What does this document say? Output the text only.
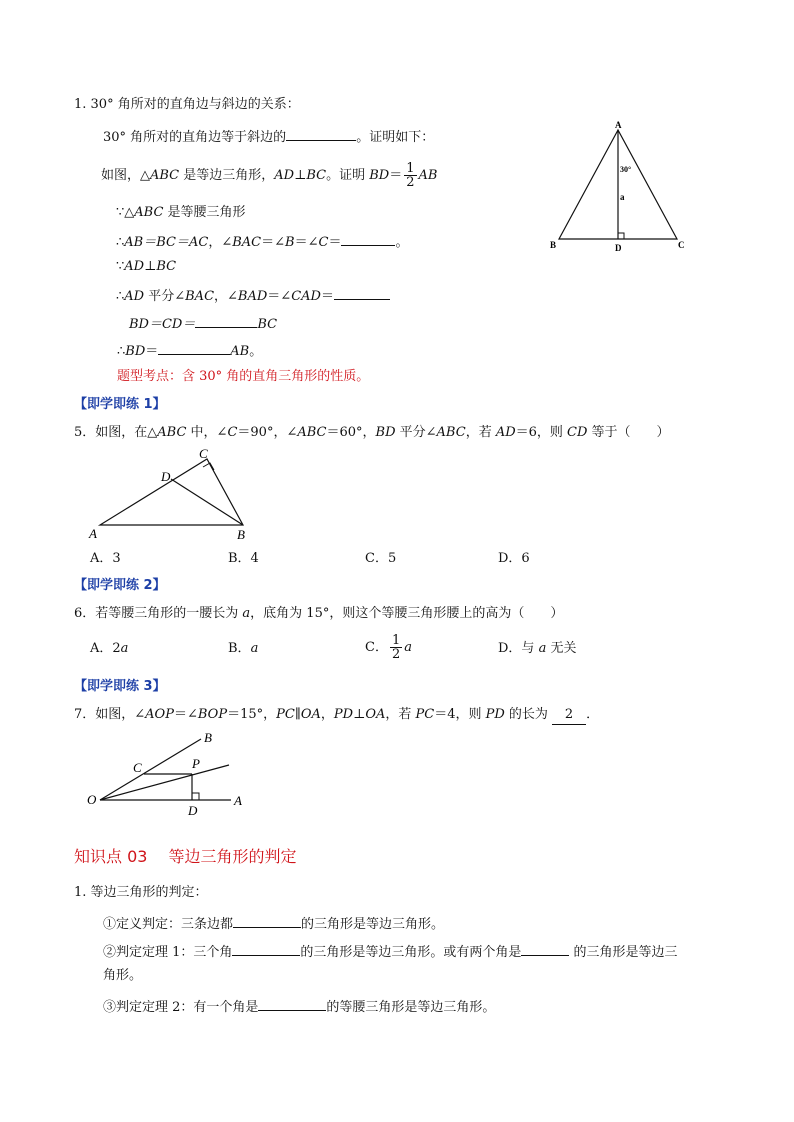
1. 30° 角所对的直角边与斜边的关系：
30° 角所对的直角边等于斜边的	。证明如下：
如图，△ABC 是等边三角形，AD⊥BC。证明 $BD= \frac{1}{2}$ AB
∵△ABC 是等腰三角形
∴AB＝BC＝AC，∠BAC＝∠B＝∠C＝	。
∵AD⊥BC
∴AD 平分∠BAC，∠BAD＝∠CAD＝
BD＝CD＝	BC
∴BD＝	AB。
题型考点：含 30° 角的直角三角形的性质。
A
B	C
D
30°
a
【即学即练 1】
5．如图，在△ABC 中，∠C＝90°，∠ABC＝60°，BD 平分∠ABC，若 AD＝6，则 CD 等于（　　）
A	B
C
D
A．3	B．4	C．5	D．6
【即学即练 2】
6．若等腰三角形的一腰长为 a，底角为 15°，则这个等腰三角形腰上的高为（　　）
A．2a	B．a	C． $\frac{1}{2}$ a	D．与 a 无关
【即学即练 3】
7．如图，∠AOP＝∠BOP＝15°，PC∥OA，PD⊥OA，若 PC＝4，则 PD 的长为 2 ．
O	A
B
C	P
D
知识点 03　 等边三角形的判定
1. 等边三角形的判定：
①定义判定：三条边都	的三角形是等边三角形。
②判定定理 1：三个角	的三角形是等边三角形。或有两个角是	的三角形是等边三
角形。
③判定定理 2：有一个角是	的等腰三角形是等边三角形。
